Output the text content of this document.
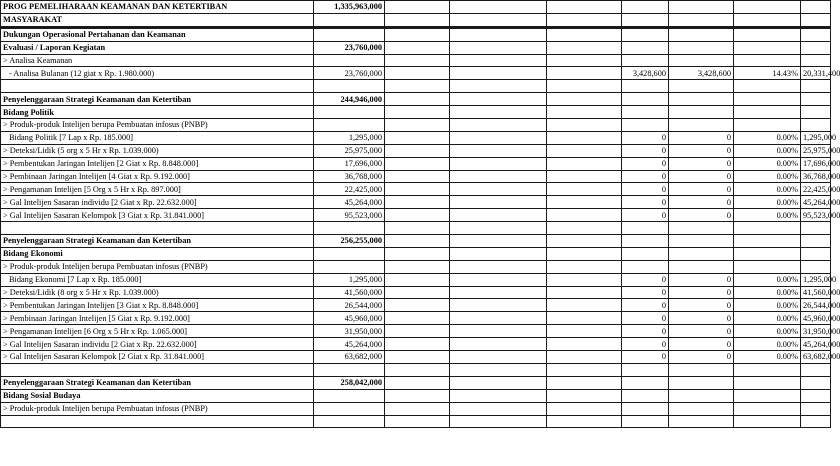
PROG PEMELIHARAAN KEAMANAN DAN KETERTIBAN	1,335,963,000							
MASYARAKAT								
Dukungan Operasional Pertahanan dan Keamanan								
Evaluasi / Laporan Kegiatan	23,760,000							
> Analisa Keamanan								
- Analisa Bulanan (12 giat x Rp. 1.980.000)	23,760,000				3,428,600	3,428,600	14.43%	20,331,400

Penyelenggaraan Strategi Keamanan dan Ketertiban	244,946,000							
Bidang Politik								
> Produk-produk Intelijen berupa Pembuatan infosus (PNBP)								
Bidang Politik [7 Lap x Rp. 185.000]	1,295,000				0	0	0.00%	1,295,000
> Deteksi/Lidik (5 org x 5 Hr x Rp. 1.039.000)	25,975,000				0	0	0.00%	25,975,000
> Pembentukan Jaringan Intelijen [2 Giat x Rp. 8.848.000]	17,696,000				0	0	0.00%	17,696,000
> Pembinaan Jaringan Intelijen [4 Giat x Rp. 9.192.000]	36,768,000				0	0	0.00%	36,768,000
> Pengamanan Intelijen [5 Org x 5 Hr x Rp. 897.000]	22,425,000				0	0	0.00%	22,425,000
> Gal Intelijen Sasaran individu [2 Giat x Rp. 22.632.000]	45,264,000				0	0	0.00%	45,264,000
> Gal Intelijen Sasaran Kelompok [3 Giat x Rp. 31.841.000]	95,523,000				0	0	0.00%	95,523,000

Penyelenggaraan Strategi Keamanan dan Ketertiban	256,255,000							
Bidang Ekonomi								
> Produk-produk Intelijen berupa Pembuatan infosus (PNBP)								
Bidang Ekonomi [7 Lap x Rp. 185.000]	1,295,000				0	0	0.00%	1,295,000
> Deteksi/Lidik (8 org x 5 Hr x Rp. 1.039.000)	41,560,000				0	0	0.00%	41,560,000
> Pembentukan Jaringan Intelijen [3 Giat x Rp. 8.848.000]	26,544,000				0	0	0.00%	26,544,000
> Pembinaan Jaringan Intelijen [5 Giat x Rp. 9.192.000]	45,960,000				0	0	0.00%	45,960,000
> Pengamanan Intelijen [6 Org x 5 Hr x Rp. 1.065.000]	31,950,000				0	0	0.00%	31,950,000
> Gal Intelijen Sasaran individu [2 Giat x Rp. 22.632.000]	45,264,000				0	0	0.00%	45,264,000
> Gal Intelijen Sasaran Kelompok [2 Giat x Rp. 31.841.000]	63,682,000				0	0	0.00%	63,682,000

Penyelenggaraan Strategi Keamanan dan Ketertiban	258,042,000							
Bidang Sosial Budaya								
> Produk-produk Intelijen berupa Pembuatan infosus (PNBP)								
